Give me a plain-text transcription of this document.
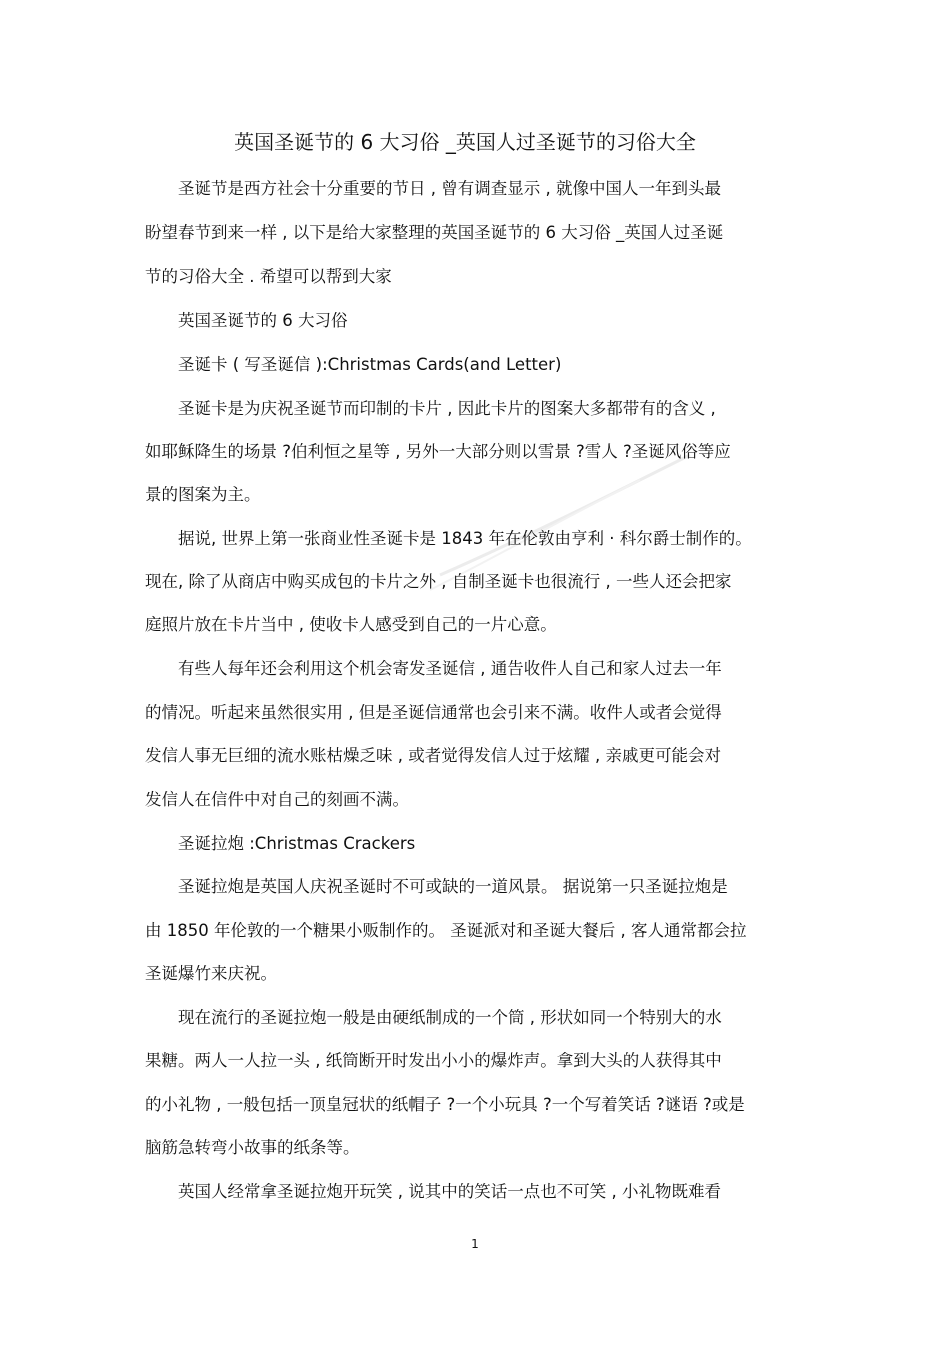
英国圣诞节的 6 大习俗 _英国人过圣诞节的习俗大全
圣诞节是西方社会十分重要的节日 , 曾有调查显示 , 就像中国人一年到头最
盼望春节到来一样 , 以下是给大家整理的英国圣诞节的 6 大习俗 _英国人过圣诞
节的习俗大全 . 希望可以帮到大家
英国圣诞节的 6 大习俗
圣诞卡 ( 写圣诞信 ):Christmas Cards(and Letter)
圣诞卡是为庆祝圣诞节而印制的卡片 , 因此卡片的图案大多都带有的含义 ,
如耶稣降生的场景 ?伯利恒之星等 , 另外一大部分则以雪景 ?雪人 ?圣诞风俗等应
景的图案为主。
据说, 世界上第一张商业性圣诞卡是 1843 年在伦敦由亨利 · 科尔爵士制作的。
现在, 除了从商店中购买成包的卡片之外 , 自制圣诞卡也很流行 , 一些人还会把家
庭照片放在卡片当中 , 使收卡人感受到自己的一片心意。
有些人每年还会利用这个机会寄发圣诞信 , 通告收件人自己和家人过去一年
的情况。听起来虽然很实用 , 但是圣诞信通常也会引来不满。收件人或者会觉得
发信人事无巨细的流水账枯燥乏味 , 或者觉得发信人过于炫耀 , 亲戚更可能会对
发信人在信件中对自己的刻画不满。
圣诞拉炮 :Christmas Crackers
圣诞拉炮是英国人庆祝圣诞时不可或缺的一道风景。 据说第一只圣诞拉炮是
由 1850 年伦敦的一个糖果小贩制作的。 圣诞派对和圣诞大餐后 , 客人通常都会拉
圣诞爆竹来庆祝。
现在流行的圣诞拉炮一般是由硬纸制成的一个筒 , 形状如同一个特别大的水
果糖。两人一人拉一头 , 纸筒断开时发出小小的爆炸声。拿到大头的人获得其中
的小礼物 , 一般包括一顶皇冠状的纸帽子 ?一个小玩具 ?一个写着笑话 ?谜语 ?或是
脑筋急转弯小故事的纸条等。
英国人经常拿圣诞拉炮开玩笑 , 说其中的笑话一点也不可笑 , 小礼物既难看
1
